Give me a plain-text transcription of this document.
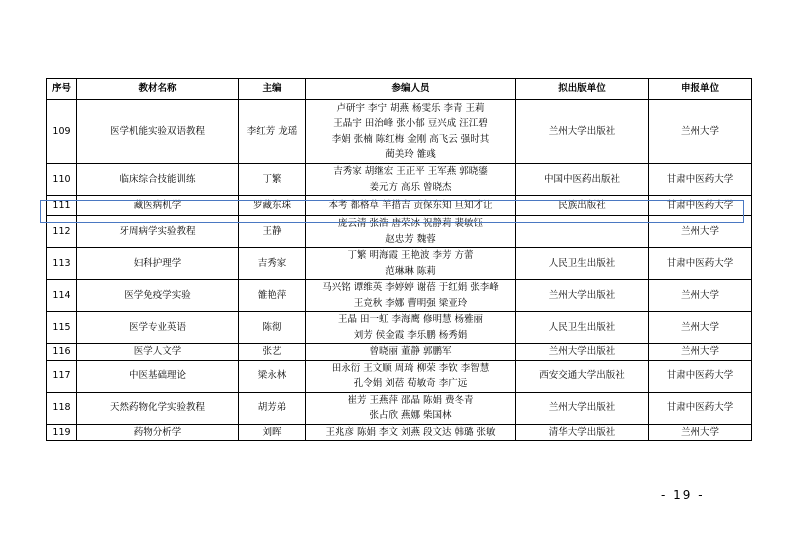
序号	教材名称	主编	参编人员	拟出版单位	申报单位
109	医学机能实验双语教程	李红芳 龙瑶	卢研宇 李宁 胡燕 杨雯乐 李青 王莉
王晶宇 田治峰 张小郁 豆兴成 汪江碧
李娟 张楠 陈红梅 金刚 高飞云 强时其
蔺美玲 雒彧	兰州大学出版社	兰州大学
110	临床综合技能训练	丁繁	吉秀家 胡继宏 王正平 王军燕 郭晓鎏
姜元方 高乐 曾晓杰	中国中医药出版社	甘肃中医药大学
111	藏医病机学	罗藏东珠	本考 都格草 羊措吉 贡保东知 旦知才让	民族出版社	甘肃中医药大学
112	牙周病学实验教程	王静	庞云清 张浩 唐荣冰 祝静莉 裴敏钰
赵忠芳 魏蓉		兰州大学
113	妇科护理学	吉秀家	丁繁 明海霞 王艳波 李芳 方蕾
范琳琳 陈莉	人民卫生出版社	甘肃中医药大学
114	医学免疫学实验	雒艳萍	马兴铭 谭维英 李婷婷 谢蓓 于红娟 张李峰
王竞秋 李娜 曹明强 梁亚玲	兰州大学出版社	兰州大学
115	医学专业英语	陈彻	王晶 田一虹 李海鹰 修明慧 杨雅丽
刘芳 侯金霞 李乐鹏 杨秀娟	人民卫生出版社	兰州大学
116	医学人文学	张艺	曾晓丽 董静 郭鹏军	兰州大学出版社	兰州大学
117	中医基础理论	梁永林	田永衍 王文顺 周琦 柳荣 李钦 李智慧
孔令娟 刘蓓 荀敏奇 李广远	西安交通大学出版社	甘肃中医药大学
118	天然药物化学实验教程	胡芳弟	崔芳 王燕萍 邵晶 陈娟 费冬青
张占欣 燕娜 柴国林	兰州大学出版社	甘肃中医药大学
119	药物分析学	刘晖	王兆彦 陈娟 李文 刘燕 段文达 韩璐 张敏	清华大学出版社	兰州大学
- 19 -
